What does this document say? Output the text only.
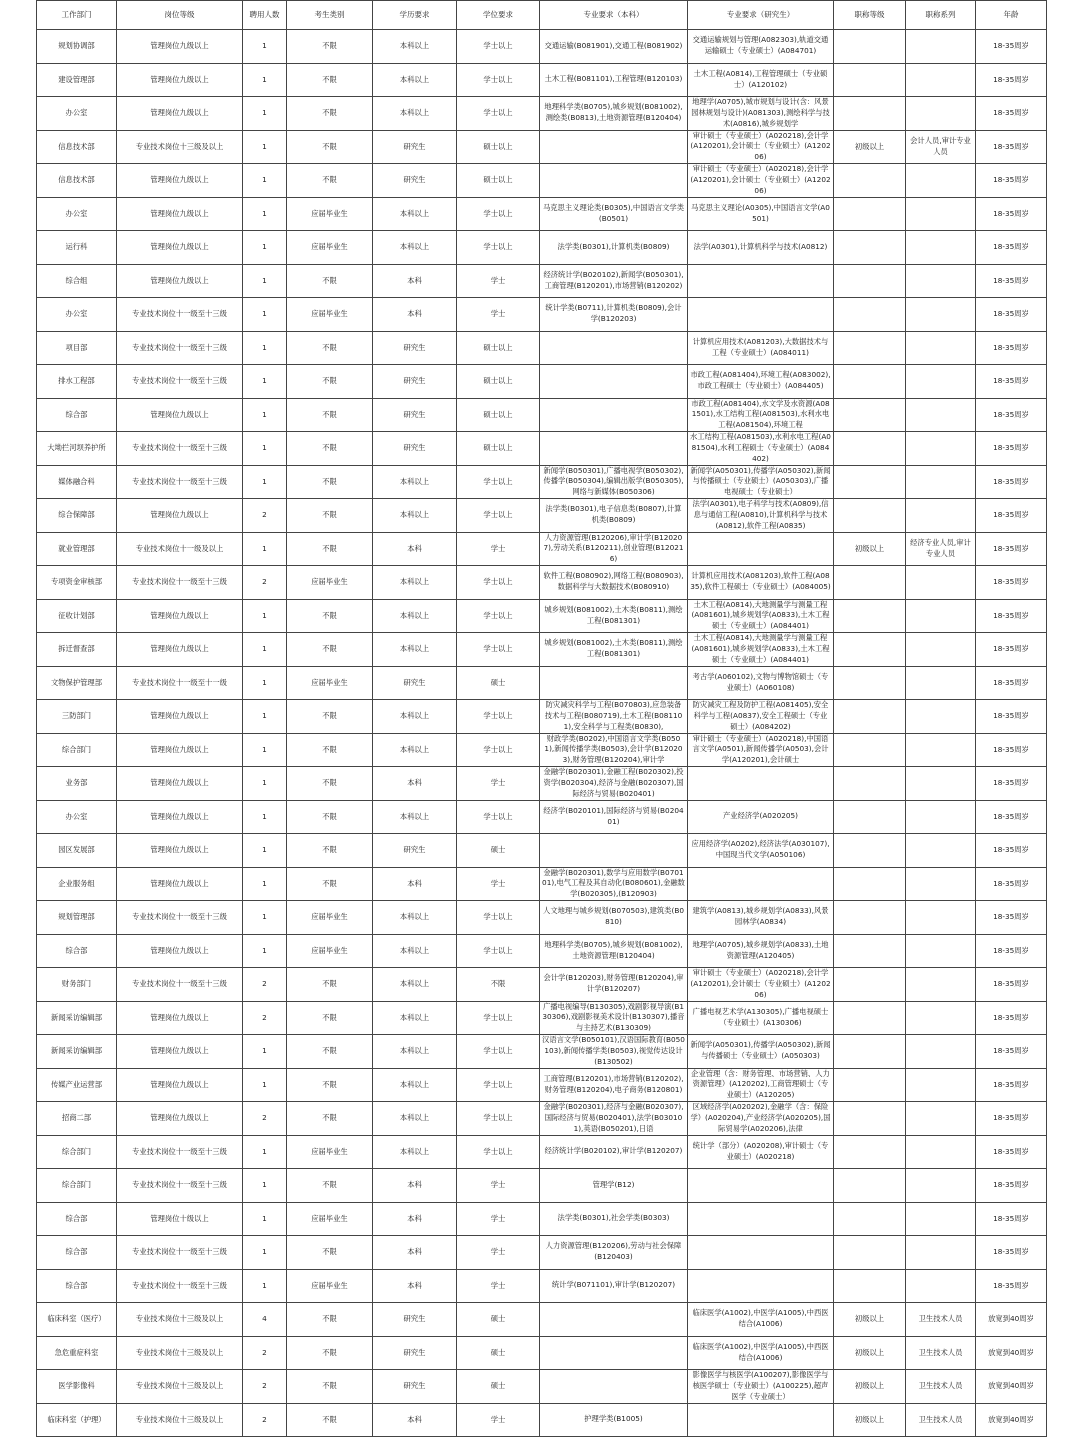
工作部门	岗位等级	聘用人数	考生类别	学历要求	学位要求	专业要求（本科）	专业要求（研究生）	职称等级	职称系列	年龄
规划协调部	管理岗位九级以上	1	不限	本科以上	学士以上	交通运输(B081901),交通工程(B081902)	交通运输规划与管理(A082303),轨道交通运输硕士（专业硕士）(A084701)			18-35周岁
建设管理部	管理岗位九级以上	1	不限	本科以上	学士以上	土木工程(B081101),工程管理(B120103)	土木工程(A0814),工程管理硕士（专业硕士）(A120102)			18-35周岁
办公室	管理岗位九级以上	1	不限	本科以上	学士以上	地理科学类(B0705),城乡规划(B081002),测绘类(B0813),土地资源管理(B120404)	地理学(A0705),城市规划与设计(含：风景园林规划与设计)(A081303),测绘科学与技术(A0816),城乡规划学			18-35周岁
信息技术部	专业技术岗位十三级及以上	1	不限	研究生	硕士以上		审计硕士（专业硕士）(A020218),会计学(A120201),会计硕士（专业硕士）(A120206)	初级以上	会计人员,审计专业人员	18-35周岁
信息技术部	管理岗位九级以上	1	不限	研究生	硕士以上		审计硕士（专业硕士）(A020218),会计学(A120201),会计硕士（专业硕士）(A120206)			18-35周岁
办公室	管理岗位九级以上	1	应届毕业生	本科以上	学士以上	马克思主义理论类(B0305),中国语言文学类(B0501)	马克思主义理论(A0305),中国语言文学(A0501)			18-35周岁
运行科	管理岗位九级以上	1	应届毕业生	本科以上	学士以上	法学类(B0301),计算机类(B0809)	法学(A0301),计算机科学与技术(A0812)			18-35周岁
综合组	管理岗位九级以上	1	不限	本科	学士	经济统计学(B020102),新闻学(B050301),工商管理(B120201),市场营销(B120202)				18-35周岁
办公室	专业技术岗位十一级至十三级	1	应届毕业生	本科	学士	统计学类(B0711),计算机类(B0809),会计学(B120203)				18-35周岁
项目部	专业技术岗位十一级至十三级	1	不限	研究生	硕士以上		计算机应用技术(A081203),大数据技术与工程（专业硕士）(A084011)			18-35周岁
排水工程部	专业技术岗位十一级至十三级	1	不限	研究生	硕士以上		市政工程(A081404),环境工程(A083002),市政工程硕士（专业硕士）(A084405)			18-35周岁
综合部	管理岗位九级以上	1	不限	研究生	硕士以上		市政工程(A081404),水文学及水资源(A081501),水工结构工程(A081503),水利水电工程(A081504),环境工程			18-35周岁
大坳拦河坝养护所	专业技术岗位十一级至十三级	1	不限	研究生	硕士以上		水工结构工程(A081503),水利水电工程(A081504),水利工程硕士（专业硕士）(A084402)			18-35周岁
媒体融合科	专业技术岗位十一级至十三级	1	不限	本科以上	学士以上	新闻学(B050301),广播电视学(B050302),传播学(B050304),编辑出版学(B050305),网络与新媒体(B050306)	新闻学(A050301),传播学(A050302),新闻与传播硕士（专业硕士）(A050303),广播电视硕士（专业硕士）			18-35周岁
综合保障部	管理岗位九级以上	2	不限	本科以上	学士以上	法学类(B0301),电子信息类(B0807),计算机类(B0809)	法学(A0301),电子科学与技术(A0809),信息与通信工程(A0810),计算机科学与技术(A0812),软件工程(A0835)			18-35周岁
就业管理部	专业技术岗位十一级及以上	1	不限	本科	学士	人力资源管理(B120206),审计学(B120207),劳动关系(B120211),创业管理(B120216)		初级以上	经济专业人员,审计专业人员	18-35周岁
专项资金审核部	专业技术岗位十一级至十三级	2	应届毕业生	本科以上	学士以上	软件工程(B080902),网络工程(B080903),数据科学与大数据技术(B080910)	计算机应用技术(A081203),软件工程(A0835),软件工程硕士（专业硕士）(A084005)			18-35周岁
征收计划部	管理岗位九级以上	1	不限	本科以上	学士以上	城乡规划(B081002),土木类(B0811),测绘工程(B081301)	土木工程(A0814),大地测量学与测量工程(A081601),城乡规划学(A0833),土木工程硕士（专业硕士）(A084401)			18-35周岁
拆迁督查部	管理岗位九级以上	1	不限	本科以上	学士以上	城乡规划(B081002),土木类(B0811),测绘工程(B081301)	土木工程(A0814),大地测量学与测量工程(A081601),城乡规划学(A0833),土木工程硕士（专业硕士）(A084401)			18-35周岁
文物保护管理部	专业技术岗位十一级至十一级	1	应届毕业生	研究生	硕士		考古学(A060102),文物与博物馆硕士（专业硕士）(A060108)			18-35周岁
三防部门	管理岗位九级以上	1	不限	本科以上	学士以上	防灾减灾科学与工程(B070803),应急装备技术与工程(B080719),土木工程(B081101),安全科学与工程类(B0830),	防灾减灾工程及防护工程(A081405),安全科学与工程(A0837),安全工程硕士（专业硕士）(A084202)			18-35周岁
综合部门	管理岗位九级以上	1	不限	本科以上	学士以上	财政学类(B0202),中国语言文学类(B0501),新闻传播学类(B0503),会计学(B120203),财务管理(B120204),审计学	审计硕士（专业硕士）(A020218),中国语言文学(A0501),新闻传播学(A0503),会计学(A120201),会计硕士			18-35周岁
业务部	管理岗位九级以上	1	不限	本科	学士	金融学(B020301),金融工程(B020302),投资学(B020304),经济与金融(B020307),国际经济与贸易(B020401)				18-35周岁
办公室	管理岗位九级以上	1	不限	本科以上	学士以上	经济学(B020101),国际经济与贸易(B020401)	产业经济学(A020205)			18-35周岁
园区发展部	管理岗位九级以上	1	不限	研究生	硕士		应用经济学(A0202),经济法学(A030107),中国现当代文学(A050106)			18-35周岁
企业服务组	管理岗位九级以上	1	不限	本科	学士	金融学(B020301),数学与应用数学(B070101),电气工程及其自动化(B080601),金融数学(B020305),(B120903)				18-35周岁
规划管理部	专业技术岗位十一级至十三级	1	应届毕业生	本科以上	学士以上	人文地理与城乡规划(B070503),建筑类(B0810)	建筑学(A0813),城乡规划学(A0833),风景园林学(A0834)			18-35周岁
综合部	管理岗位九级以上	1	应届毕业生	本科以上	学士以上	地理科学类(B0705),城乡规划(B081002),土地资源管理(B120404)	地理学(A0705),城乡规划学(A0833),土地资源管理(A120405)			18-35周岁
财务部门	专业技术岗位十一级至十三级	2	不限	本科以上	不限	会计学(B120203),财务管理(B120204),审计学(B120207)	审计硕士（专业硕士）(A020218),会计学(A120201),会计硕士（专业硕士）(A120206)			18-35周岁
新闻采访编辑部	管理岗位九级以上	2	不限	本科以上	学士以上	广播电视编导(B130305),戏剧影视导演(B130306),戏剧影视美术设计(B130307),播音与主持艺术(B130309)	广播电视艺术学(A130305),广播电视硕士（专业硕士）(A130306)			18-35周岁
新闻采访编辑部	管理岗位九级以上	1	不限	本科以上	学士以上	汉语言文学(B050101),汉语国际教育(B050103),新闻传播学类(B0503),视觉传达设计(B130502)	新闻学(A050301),传播学(A050302),新闻与传播硕士（专业硕士）(A050303)			18-35周岁
传媒产业运营部	管理岗位九级以上	1	不限	本科以上	学士以上	工商管理(B120201),市场营销(B120202),财务管理(B120204),电子商务(B120801)	企业管理（含：财务管理、市场营销、人力资源管理）(A120202),工商管理硕士（专业硕士）(A120205)			18-35周岁
招商二部	管理岗位九级以上	2	不限	本科以上	学士以上	金融学(B020301),经济与金融(B020307),国际经济与贸易(B020401),法学(B030101),英语(B050201),日语	区域经济学(A020202),金融学（含：保险学）(A020204),产业经济学(A020205),国际贸易学(A020206),法律			18-35周岁
综合部门	专业技术岗位十一级至十三级	1	应届毕业生	本科以上	学士以上	经济统计学(B020102),审计学(B120207)	统计学（部分）(A020208),审计硕士（专业硕士）(A020218)			18-35周岁
综合部门	专业技术岗位十一级至十三级	1	不限	本科	学士	管理学(B12)				18-35周岁
综合部	管理岗位十级以上	1	应届毕业生	本科	学士	法学类(B0301),社会学类(B0303)				18-35周岁
综合部	专业技术岗位十一级至十三级	1	不限	本科	学士	人力资源管理(B120206),劳动与社会保障(B120403)				18-35周岁
综合部	专业技术岗位十一级至十三级	1	应届毕业生	本科	学士	统计学(B071101),审计学(B120207)				18-35周岁
临床科室（医疗）	专业技术岗位十三级及以上	4	不限	研究生	硕士		临床医学(A1002),中医学(A1005),中西医结合(A1006)	初级以上	卫生技术人员	放宽到40周岁
急危重症科室	专业技术岗位十三级及以上	2	不限	研究生	硕士		临床医学(A1002),中医学(A1005),中西医结合(A1006)	初级以上	卫生技术人员	放宽到40周岁
医学影像科	专业技术岗位十三级及以上	2	不限	研究生	硕士		影像医学与核医学(A100207),影像医学与核医学硕士（专业硕士）(A100225),超声医学（专业硕士）	初级以上	卫生技术人员	放宽到40周岁
临床科室（护理）	专业技术岗位十三级及以上	2	不限	本科	学士	护理学类(B1005)		初级以上	卫生技术人员	放宽到40周岁
